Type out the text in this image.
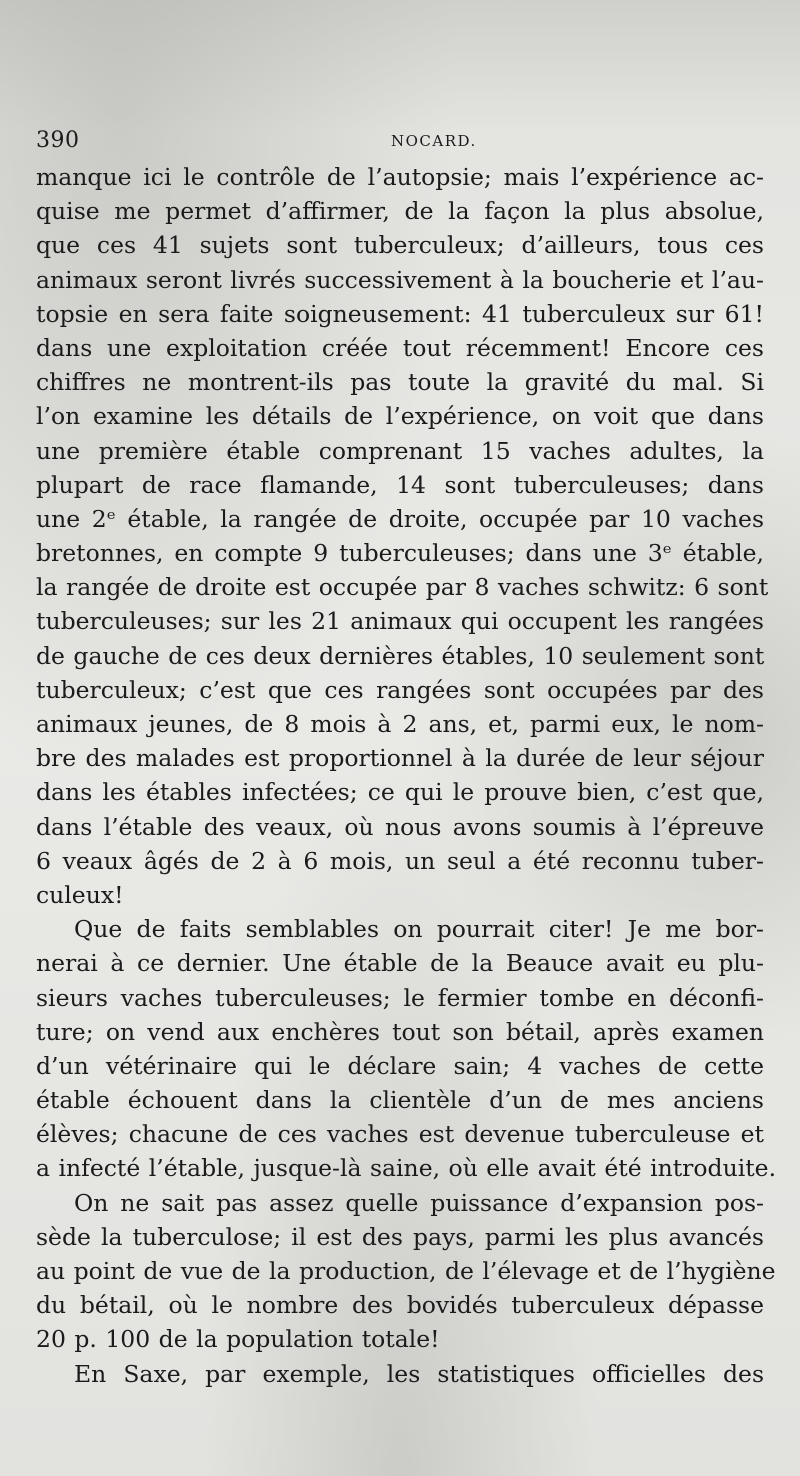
390	NOCARD.
manque ici le contrôle de l’autopsie; mais l’expérience ac-
quise me permet d’affirmer, de la façon la plus absolue,
que ces 41 sujets sont tuberculeux; d’ailleurs, tous ces
animaux seront livrés successivement à la boucherie et l’au-
topsie en sera faite soigneusement: 41 tuberculeux sur 61!
dans une exploitation créée tout récemment! Encore ces
chiffres ne montrent-ils pas toute la gravité du mal. Si
l’on examine les détails de l’expérience, on voit que dans
une première étable comprenant 15 vaches adultes, la
plupart de race flamande, 14 sont tuberculeuses; dans
une 2ᵉ étable, la rangée de droite, occupée par 10 vaches
bretonnes, en compte 9 tuberculeuses; dans une 3ᵉ étable,
la rangée de droite est occupée par 8 vaches schwitz: 6 sont
tuberculeuses; sur les 21 animaux qui occupent les rangées
de gauche de ces deux dernières étables, 10 seulement sont
tuberculeux; c’est que ces rangées sont occupées par des
animaux jeunes, de 8 mois à 2 ans, et, parmi eux, le nom-
bre des malades est proportionnel à la durée de leur séjour
dans les étables infectées; ce qui le prouve bien, c’est que,
dans l’étable des veaux, où nous avons soumis à l’épreuve
6 veaux âgés de 2 à 6 mois, un seul a été reconnu tuber-
culeux!
Que de faits semblables on pourrait citer! Je me bor-
nerai à ce dernier. Une étable de la Beauce avait eu plu-
sieurs vaches tuberculeuses; le fermier tombe en déconfi-
ture; on vend aux enchères tout son bétail, après examen
d’un vétérinaire qui le déclare sain; 4 vaches de cette
étable échouent dans la clientèle d’un de mes anciens
élèves; chacune de ces vaches est devenue tuberculeuse et
a infecté l’étable, jusque-là saine, où elle avait été introduite.
On ne sait pas assez quelle puissance d’expansion pos-
sède la tuberculose; il est des pays, parmi les plus avancés
au point de vue de la production, de l’élevage et de l’hygiène
du bétail, où le nombre des bovidés tuberculeux dépasse
20 p. 100 de la population totale!
En Saxe, par exemple, les statistiques officielles des
